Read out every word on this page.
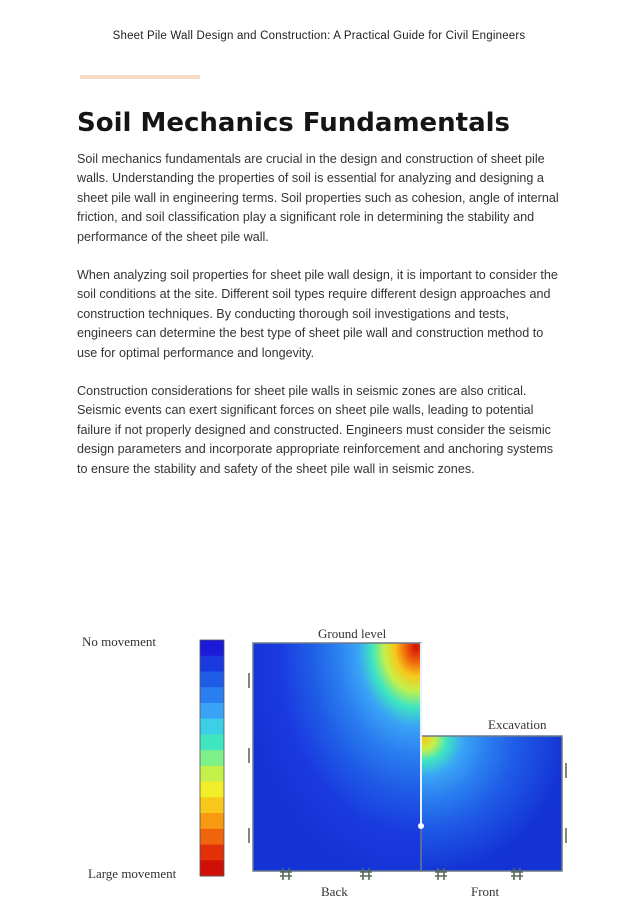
Sheet Pile Wall Design and Construction: A Practical Guide for Civil Engineers
Soil Mechanics Fundamentals

Soil mechanics fundamentals are crucial in the design and construction of sheet pile walls. Understanding the properties of soil is essential for analyzing and designing a sheet pile wall in engineering terms. Soil properties such as cohesion, angle of internal friction, and soil classification play a significant role in determining the stability and performance of the sheet pile wall.

When analyzing soil properties for sheet pile wall design, it is important to consider the soil conditions at the site. Different soil types require different design approaches and construction techniques. By conducting thorough soil investigations and tests, engineers can determine the best type of sheet pile wall and construction method to use for optimal performance and longevity.

Construction considerations for sheet pile walls in seismic zones are also critical. Seismic events can exert significant forces on sheet pile walls, leading to potential failure if not properly designed and constructed. Engineers must consider the seismic design parameters and incorporate appropriate reinforcement and anchoring systems to ensure the stability and safety of the sheet pile wall in seismic zones.

No movement
Large movement
Ground level
Excavation
Back	Front
